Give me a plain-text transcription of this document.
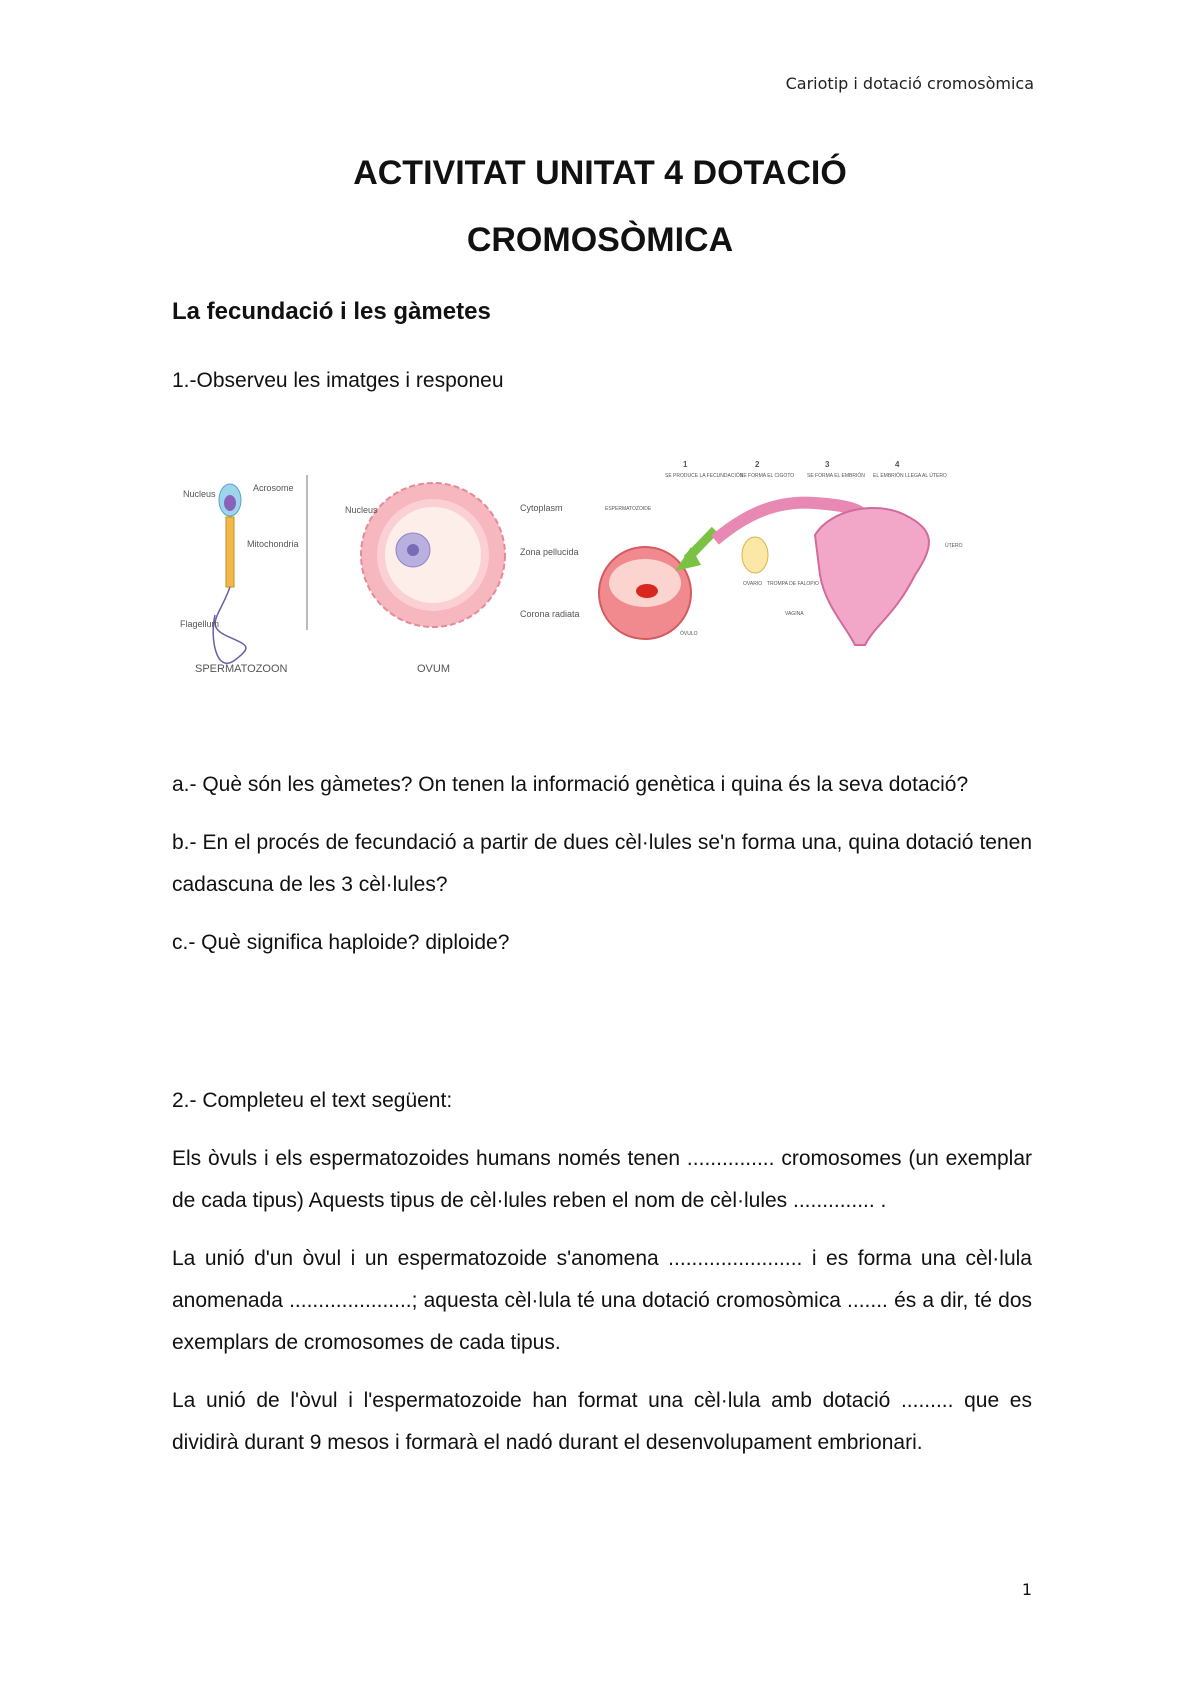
Cariotip i dotació cromosòmica
ACTIVITAT UNITAT 4 DOTACIÓ
CROMOSÒMICA
La fecundació i les gàmetes
1.-Observeu les imatges i responeu
Nucleus
Acrosome
Mitochondria
Flagellum
SPERMATOZOON
Nucleus	Cytoplasm
Zona pellucida
Corona radiata
OVUM
1	2	3	4
SE PRODUCE LA FECUNDACIÓN
SE FORMA EL CIGOTO	SE FORMA EL EMBRIÓN EL EMBRIÓN LLEGA AL ÚTERO
ESPERMATOZOIDE
OVARIO TROMPA DE FALOPIO
ÚTERO
VAGINA
ÓVULO

a.- Què són les gàmetes? On tenen la informació genètica i quina és la seva dotació?

b.- En el procés de fecundació a partir de dues cèl·lules se'n forma una, quina dotació tenen cadascuna de les 3 cèl·lules?

c.- Què significa haploide? diploide?

2.- Completeu el text següent:

Els òvuls i els espermatozoides humans només tenen ............... cromosomes (un exemplar de cada tipus) Aquests tipus de cèl·lules reben el nom de cèl·lules .............. .

La unió d'un òvul i un espermatozoide s'anomena ....................... i es forma una cèl·lula anomenada .....................; aquesta cèl·lula té una dotació cromosòmica ....... és a dir, té dos exemplars de cromosomes de cada tipus.

La unió de l'òvul i l'espermatozoide han format una cèl·lula amb dotació ......... que es dividirà durant 9 mesos i formarà el nadó durant el desenvolupament embrionari.

1
